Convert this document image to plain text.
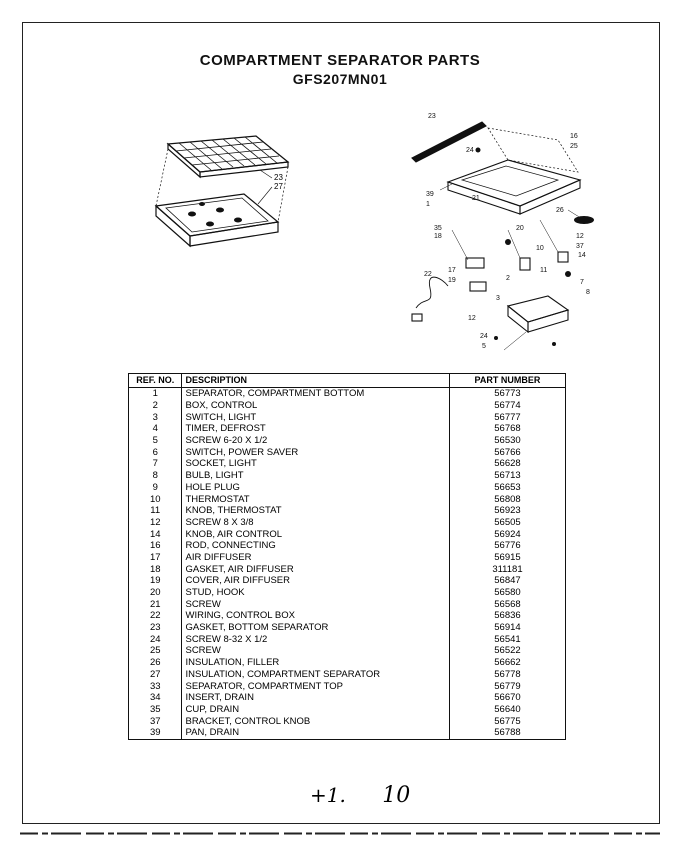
COMPARTMENT SEPARATOR PARTS
GFS207MN01
23
27
23
24
16
25
39
1
20
26
35
18	12
37
14
17
19
3
10
22
11
7
8
2
21
12
24
5
REF. NO.	DESCRIPTION	PART NUMBER
1	SEPARATOR, COMPARTMENT BOTTOM	56773
2	BOX, CONTROL	56774
3	SWITCH, LIGHT	56777
4	TIMER, DEFROST	56768
5	SCREW 6-20 X 1/2	56530
6	SWITCH, POWER SAVER	56766
7	SOCKET, LIGHT	56628
8	BULB, LIGHT	56713
9	HOLE PLUG	56653
10	THERMOSTAT	56808
11	KNOB, THERMOSTAT	56923
12	SCREW 8 X 3/8	56505
14	KNOB, AIR CONTROL	56924
16	ROD, CONNECTING	56776
17	AIR DIFFUSER	56915
18	GASKET, AIR DIFFUSER	311181
19	COVER, AIR DIFFUSER	56847
20	STUD, HOOK	56580
21	SCREW	56568
22	WIRING, CONTROL BOX	56836
23	GASKET, BOTTOM SEPARATOR	56914
24	SCREW 8-32 X 1/2	56541
25	SCREW	56522
26	INSULATION, FILLER	56662
27	INSULATION, COMPARTMENT SEPARATOR	56778
33	SEPARATOR, COMPARTMENT TOP	56779
34	INSERT, DRAIN	56670
35	CUP, DRAIN	56640
37	BRACKET, CONTROL KNOB	56775
39	PAN, DRAIN	56788
+1. 10
